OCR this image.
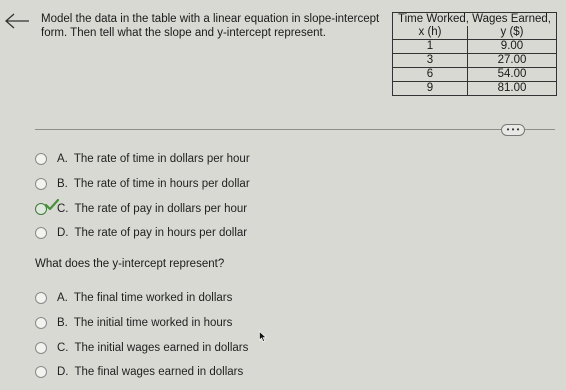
Model the data in the table with a linear equation in slope-intercept form. Then tell what the slope and y-intercept represent.
Time Worked, Wages Earned,	
x (h)	y ($)
1	9.00
3	27.00
6	54.00
9	81.00
• • •
A. The rate of time in dollars per hour
B. The rate of time in hours per dollar
C. The rate of pay in dollars per hour
D. The rate of pay in hours per dollar
What does the y-intercept represent?
A. The final time worked in dollars
B. The initial time worked in hours
C. The initial wages earned in dollars
D. The final wages earned in dollars
